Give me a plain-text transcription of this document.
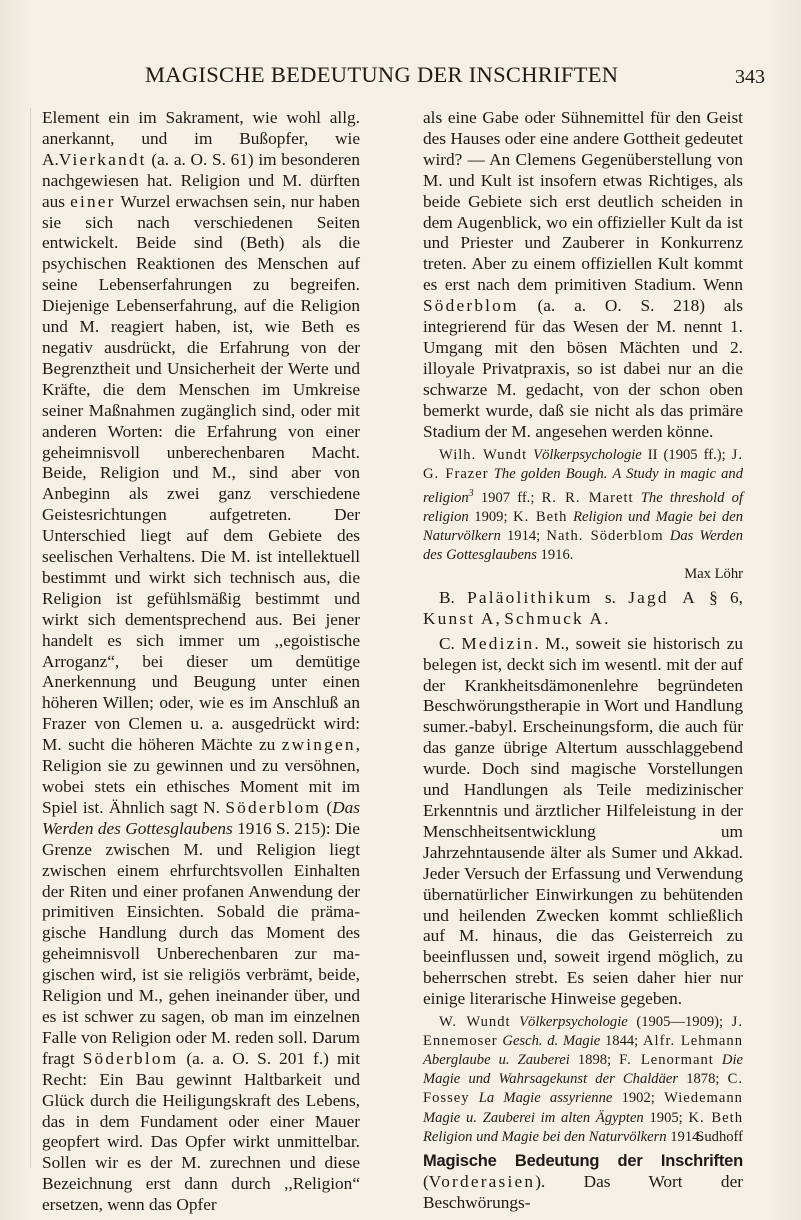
MAGISCHE BEDEUTUNG DER INSCHRIFTEN	343

Element ein im Sakrament, wie wohl allg. anerkannt, und im Bußopfer, wie A.Vierkandt (a. a. O. S. 61) im besonderen nachgewiesen hat. Religion und M. dürften aus einer Wurzel erwachsen sein, nur haben sie sich nach verschiedenen Seiten entwickelt. Beide sind (Beth) als die psychischen Reaktionen des Menschen auf seine Lebenserfahrungen zu begreifen. Diejenige Lebenserfahrung, auf die Religion und M. reagiert haben, ist, wie Beth es negativ ausdrückt, die Erfahrung von der Begrenztheit und Unsicherheit der Werte und Kräfte, die dem Menschen im Umkreise seiner Maßnahmen zugänglich sind, oder mit anderen Worten: die Erfahrung von einer geheimnisvoll unberechenbaren Macht. Beide, Religion und M., sind aber von Anbeginn als zwei ganz verschiedene Geistesrichtungen aufgetreten. Der Unterschied liegt auf dem Gebiete des seelischen Verhaltens. Die M. ist intellektuell bestimmt und wirkt sich technisch aus, die Religion ist gefühlsmäßig bestimmt und wirkt sich dementsprechend aus. Bei jener handelt es sich immer um ,,egoistische Arroganz“, bei dieser um demütige Anerkennung und Beugung unter einen höheren Willen; oder, wie es im Anschluß an Frazer von Clemen u. a. ausgedrückt wird: M. sucht die höheren Mächte zu zwingen, Religion sie zu gewinnen und zu versöhnen, wobei stets ein ethisches Moment mit im Spiel ist. Ähnlich sagt N. Söderblom (Das Werden des Gottesglaubens 1916 S. 215): Die Grenze zwischen M. und Religion liegt zwischen einem ehrfurchtsvollen Einhalten der Riten und einer profanen Anwendung der primitiven Einsichten. Sobald die prämagische Handlung durch das Moment des geheimnisvoll Unberechenbaren zur magischen wird, ist sie religiös verbrämt, beide, Religion und M., gehen ineinander über, und es ist schwer zu sagen, ob man im einzelnen Falle von Religion oder M. reden soll. Darum fragt Söderblom (a. a. O. S. 201 f.) mit Recht: Ein Bau gewinnt Haltbarkeit und Glück durch die Heiligungskraft des Lebens, das in dem Fundament oder einer Mauer geopfert wird. Das Opfer wirkt unmittelbar. Sollen wir es der M. zurechnen und diese Bezeichnung erst dann durch ,,Religion“ ersetzen, wenn das Opfer

als eine Gabe oder Sühnemittel für den Geist des Hauses oder eine andere Gottheit gedeutet wird? — An Clemens Gegenüberstellung von M. und Kult ist insofern etwas Richtiges, als beide Gebiete sich erst deutlich scheiden in dem Augenblick, wo ein offizieller Kult da ist und Priester und Zauberer in Konkurrenz treten. Aber zu einem offiziellen Kult kommt es erst nach dem primitiven Stadium. Wenn Söderblom (a. a. O. S. 218) als integrierend für das Wesen der M. nennt 1. Umgang mit den bösen Mächten und 2. illoyale Privatpraxis, so ist dabei nur an die schwarze M. gedacht, von der schon oben bemerkt wurde, daß sie nicht als das primäre Stadium der M. angesehen werden könne.

Wilh. Wundt Völkerpsychologie II (1905 ff.); J. G. Frazer The golden Bough. A Study in magic and religion$^3$ 1907 ff.; R. R. Marett The threshold of religion 1909; K. Beth Religion und Magie bei den Naturvölkern 1914; Nath. Söderblom Das Werden des Gottesglaubens 1916.

Max Löhr

B. Paläolithikum s. Jagd A § 6, Kunst A, Schmuck A.

C. Medizin. M., soweit sie historisch zu belegen ist, deckt sich im wesentl. mit der auf der Krankheitsdämonenlehre begründeten Beschwörungstherapie in Wort und Handlung sumer.-babyl. Erscheinungsform, die auch für das ganze übrige Altertum ausschlaggebend wurde. Doch sind magische Vorstellungen und Handlungen als Teile medizinischer Erkenntnis und ärztlicher Hilfeleistung in der Menschheitsentwicklung um Jahrzehntausende älter als Sumer und Akkad. Jeder Versuch der Erfassung und Verwendung übernatürlicher Einwirkungen zu behütenden und heilenden Zwecken kommt schließlich auf M. hinaus, die das Geisterreich zu beeinflussen und, soweit irgend möglich, zu beherrschen strebt. Es seien daher hier nur einige literarische Hinweise gegeben.

W. Wundt Völkerpsychologie (1905—1909); J. Ennemoser Gesch. d. Magie 1844; Alfr. Lehmann Aberglaube u. Zauberei 1898; F. Lenormant Die Magie und Wahrsagekunst der Chaldäer 1878; C. Fossey La Magie assyrienne 1902; Wiedemann Magie u. Zauberei im alten Ägypten 1905; K. Beth Religion und Magie bei den Naturvölkern 1914.

Sudhoff

Magische Bedeutung der Inschriften (Vorderasien). Das Wort der Beschwörungs-
